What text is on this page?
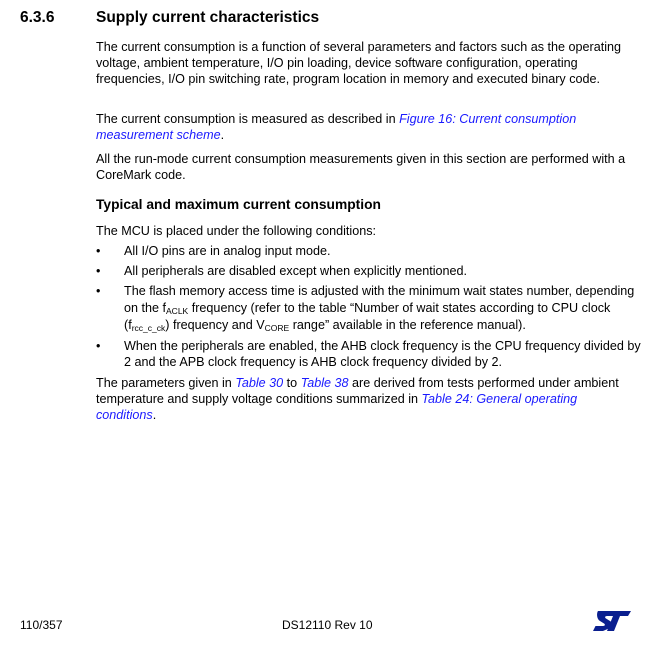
6.3.6	Supply current characteristics

The current consumption is a function of several parameters and factors such as the operating voltage, ambient temperature, I/O pin loading, device software configuration, operating frequencies, I/O pin switching rate, program location in memory and executed binary code.

The current consumption is measured as described in Figure 16: Current consumption measurement scheme.

All the run-mode current consumption measurements given in this section are performed with a CoreMark code.

Typical and maximum current consumption

The MCU is placed under the following conditions:

• All I/O pins are in analog input mode.
• All peripherals are disabled except when explicitly mentioned.
• The flash memory access time is adjusted with the minimum wait states number, depending on the $f_{ACLK}$ frequency (refer to the table “Number of wait states according to CPU clock $(f_{rcc\_c\_ck})$ frequency and $V_{CORE}$ range” available in the reference manual).
• When the peripherals are enabled, the AHB clock frequency is the CPU frequency divided by 2 and the APB clock frequency is AHB clock frequency divided by 2.

The parameters given in Table 30 to Table 38 are derived from tests performed under ambient temperature and supply voltage conditions summarized in Table 24: General operating conditions.

110/357	DS12110 Rev 10
